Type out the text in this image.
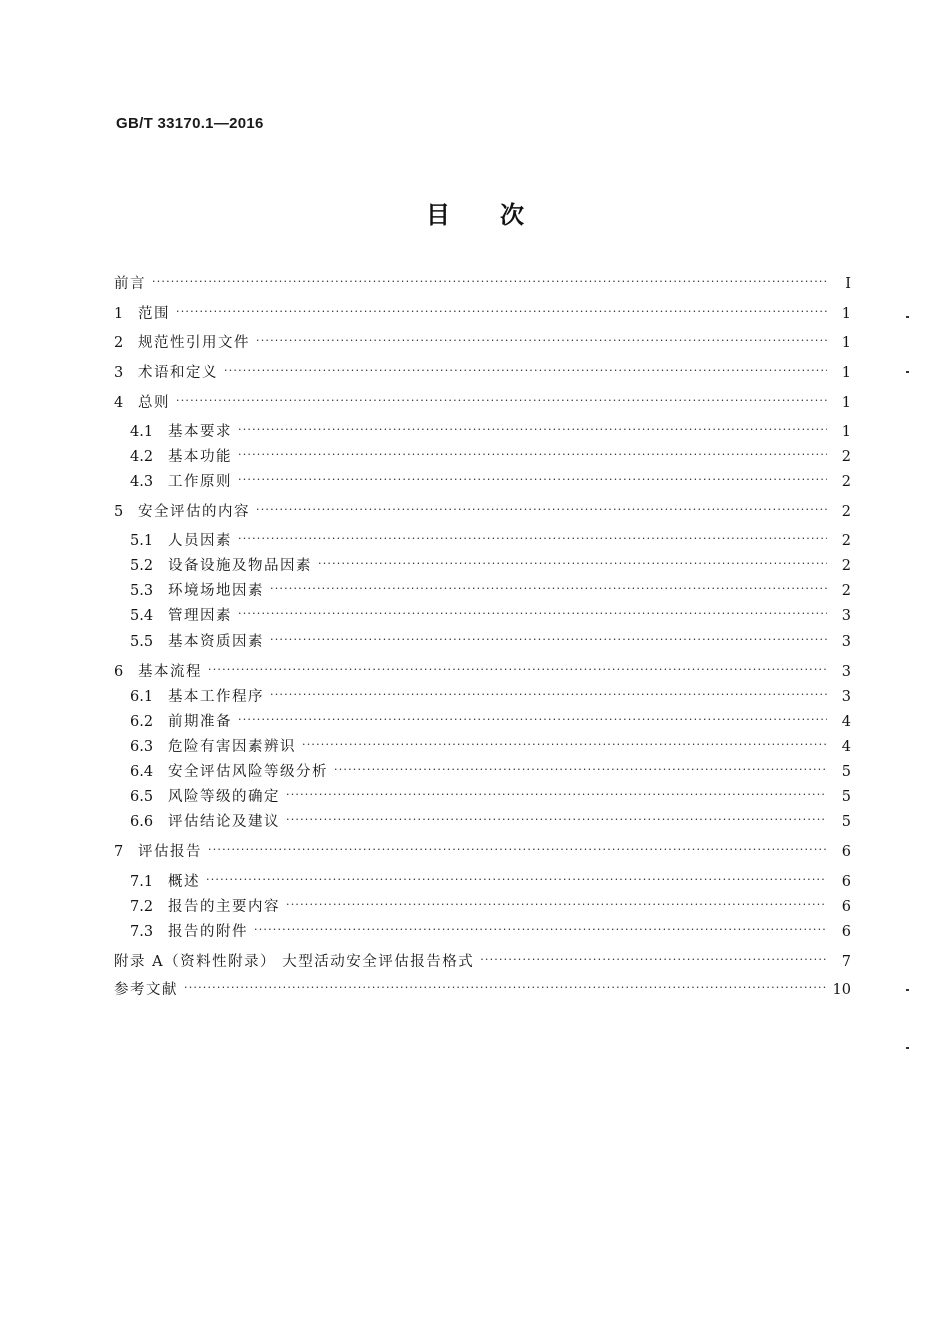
GB/T 33170.1—2016
目次
前言 ·····	Ⅰ
1	范围 ·····	1
2	规范性引用文件 ·····	1
3	术语和定义 ·····	1
4	总则 ·····	1
4.1	基本要求 ·····	1
4.2	基本功能 ·····	2
4.3	工作原则 ·····	2
5	安全评估的内容 ·····	2
5.1	人员因素 ·····	2
5.2	设备设施及物品因素 ·····	2
5.3	环境场地因素 ·····	2
5.4	管理因素 ·····	3
5.5	基本资质因素 ·····	3
6	基本流程 ·····	3
6.1	基本工作程序 ·····	3
6.2	前期准备 ·····	4
6.3	危险有害因素辨识 ·····	4
6.4	安全评估风险等级分析 ·····	5
6.5	风险等级的确定 ·····	5
6.6	评估结论及建议 ·····	5
7	评估报告 ·····	6
7.1	概述 ·····	6
7.2	报告的主要内容 ·····	6
7.3	报告的附件 ·····	6
附录 A（资料性附录） 大型活动安全评估报告格式 ·····	7
参考文献 ·····	10
